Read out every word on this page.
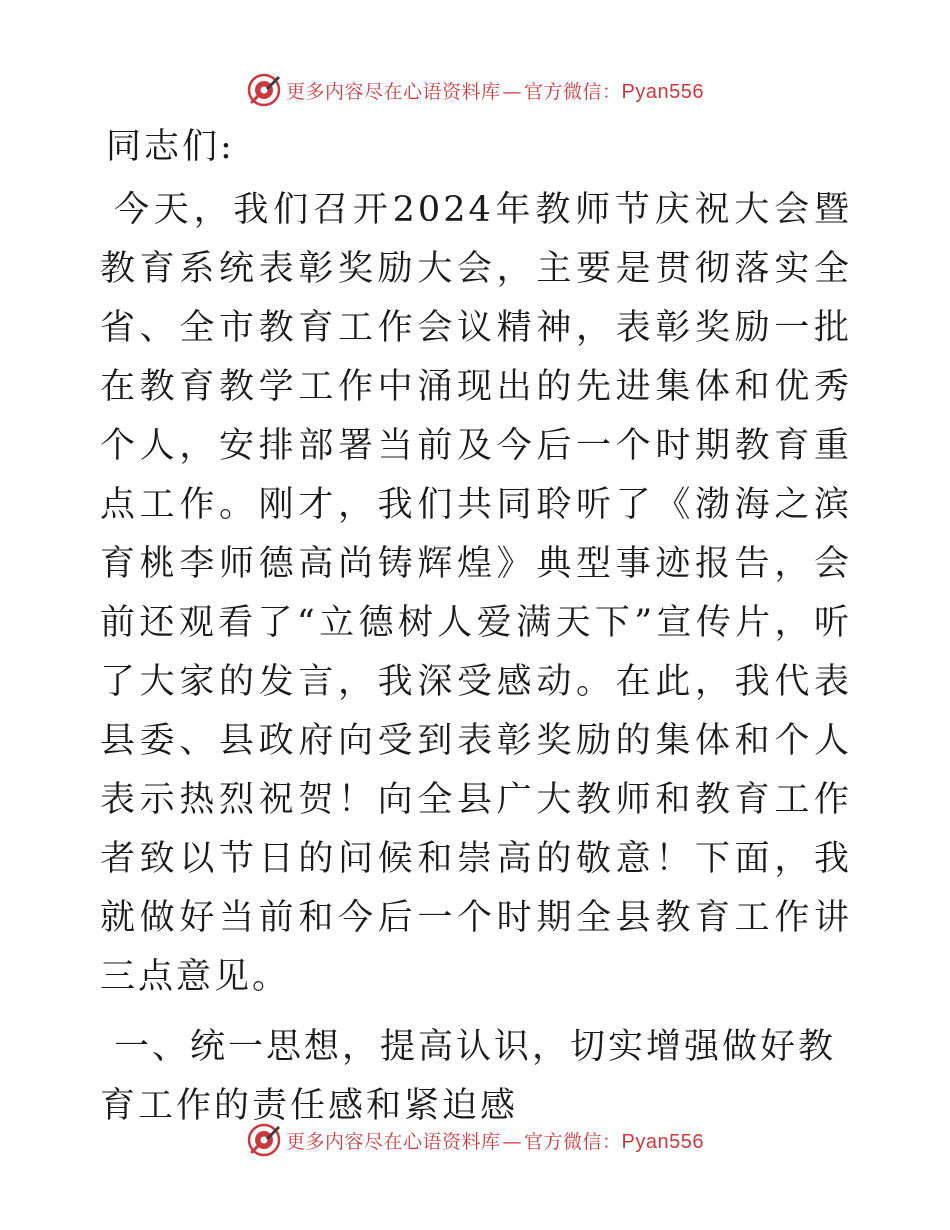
更多内容尽在心语资料库 — 官方微信：Pyan556

同志们:

今天，我们召开2024年教师节庆祝大会暨教育系统表彰奖励大会，主要是贯彻落实全省、全市教育工作会议精神，表彰奖励一批在教育教学工作中涌现出的先进集体和优秀个人，安排部署当前及今后一个时期教育重点工作。刚才，我们共同聆听了《渤海之滨育桃李师德高尚铸辉煌》典型事迹报告，会前还观看了“立德树人爱满天下”宣传片，听了大家的发言，我深受感动。在此，我代表县委、县政府向受到表彰奖励的集体和个人表示热烈祝贺！向全县广大教师和教育工作者致以节日的问候和崇高的敬意！下面，我就做好当前和今后一个时期全县教育工作讲三点意见。

一、统一思想，提高认识，切实增强做好教育工作的责任感和紧迫感

更多内容尽在心语资料库 — 官方微信：Pyan556
